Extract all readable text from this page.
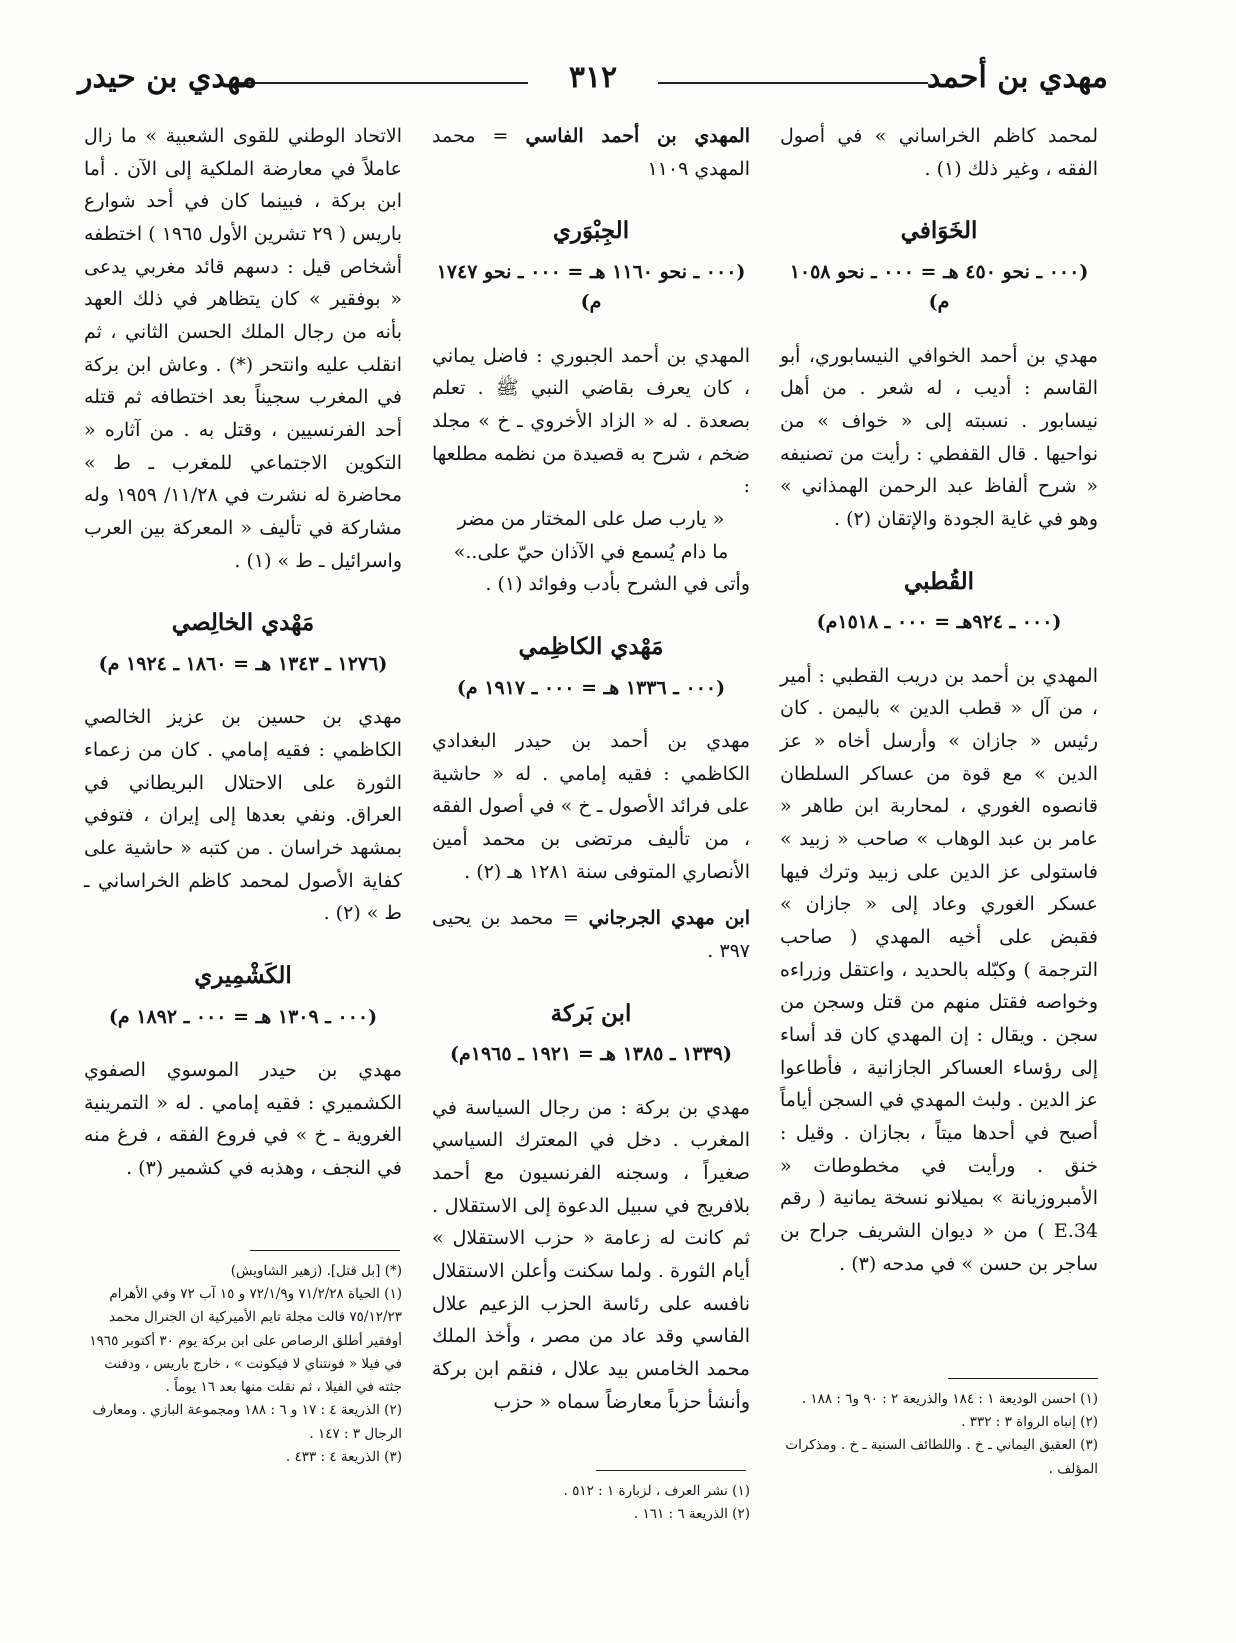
مهدي بن أحمد
٣١٢
مهدي بن حيدر

لمحمد كاظم الخراساني » في أصول الفقه ، وغير ذلك (١) .

الخَوَافي
(٠٠٠ ـ نحو ٤٥٠ هـ = ٠٠٠ ـ نحو ١٠٥٨ م)

مهدي بن أحمد الخوافي النيسابوري، أبو القاسم : أديب ، له شعر . من أهل نيسابور . نسبته إلى « خواف » من نواحيها . قال القفطي : رأيت من تصنيفه « شرح ألفاظ عبد الرحمن الهمذاني » وهو في غاية الجودة والإتقان (٢) .

القُطبي
(٠٠٠ ـ ٩٢٤هـ = ٠٠٠ ـ ١٥١٨م)

المهدي بن أحمد بن دريب القطبي : أمير ، من آل « قطب الدين » باليمن . كان رئيس « جازان » وأرسل أخاه « عز الدين » مع قوة من عساكر السلطان قانصوه الغوري ، لمحاربة ابن طاهر « عامر بن عبد الوهاب » صاحب « زبيد » فاستولى عز الدين على زبيد وترك فيها عسكر الغوري وعاد إلى « جازان » فقبض على أخيه المهدي ( صاحب الترجمة ) وكبّله بالحديد ، واعتقل وزراءه وخواصه فقتل منهم من قتل وسجن من سجن . ويقال : إن المهدي كان قد أساء إلى رؤساء العساكر الجازانية ، فأطاعوا عز الدين . ولبث المهدي في السجن أياماً أصبح في أحدها ميتاً ، بجازان . وقيل : خنق . ورأيت في مخطوطات « الأمبروزيانة » بميلانو نسخة يمانية ( رقم E.34 ) من « ديوان الشريف جراح بن ساجر بن حسن » في مدحه (٣) .

المهدي بن أحمد الفاسي = محمد المهدي ١١٠٩

الجِبْوَري
(٠٠٠ ـ نحو ١١٦٠ هـ = ٠٠٠ ـ نحو ١٧٤٧ م)

المهدي بن أحمد الجبوري : فاضل يماني ، كان يعرف بقاضي النبي ﷺ . تعلم بصعدة . له « الزاد الأخروي ـ خ » مجلد ضخم ، شرح به قصيدة من نظمه مطلعها :

« يارب صل على المختار من مضر

ما دام يُسمع في الآذان حيّ على..»

وأتى في الشرح بأدب وفوائد (١) .

مَهْدي الكاظِمي
(٠٠٠ ـ ١٣٣٦ هـ = ٠٠٠ ـ ١٩١٧ م)

مهدي بن أحمد بن حيدر البغدادي الكاظمي : فقيه إمامي . له « حاشية على فرائد الأصول ـ خ » في أصول الفقه ، من تأليف مرتضى بن محمد أمين الأنصاري المتوفى سنة ١٢٨١ هـ (٢) .

ابن مهدي الجرجاني = محمد بن يحيى ٣٩٧ .

ابن بَركة
(١٣٣٩ ـ ١٣٨٥ هـ = ١٩٢١ ـ ١٩٦٥م)

مهدي بن بركة : من رجال السياسة في المغرب . دخل في المعترك السياسي صغيراً ، وسجنه الفرنسيون مع أحمد بلافريج في سبيل الدعوة إلى الاستقلال . ثم كانت له زعامة « حزب الاستقلال » أيام الثورة . ولما سكنت وأعلن الاستقلال نافسه على رئاسة الحزب الزعيم علال الفاسي وقد عاد من مصر ، وأخذ الملك محمد الخامس بيد علال ، فنقم ابن بركة وأنشأ حزباً معارضاً سماه « حزب

الاتحاد الوطني للقوى الشعبية » ما زال عاملاً في معارضة الملكية إلى الآن . أما ابن بركة ، فبينما كان في أحد شوارع باريس ( ٢٩ تشرين الأول ١٩٦٥ ) اختطفه أشخاص قيل : دسهم قائد مغربي يدعى « بوفقير » كان يتظاهر في ذلك العهد بأنه من رجال الملك الحسن الثاني ، ثم انقلب عليه وانتحر (*) . وعاش ابن بركة في المغرب سجيناً بعد اختطافه ثم قتله أحد الفرنسيين ، وقتل به . من آثاره « التكوين الاجتماعي للمغرب ـ ط » محاضرة له نشرت في ١١/٢٨/ ١٩٥٩ وله مشاركة في تأليف « المعركة بين العرب واسرائيل ـ ط » (١) .

مَهْدي الخالِصي
(١٢٧٦ ـ ١٣٤٣ هـ = ١٨٦٠ ـ ١٩٢٤ م)

مهدي بن حسين بن عزيز الخالصي الكاظمي : فقيه إمامي . كان من زعماء الثورة على الاحتلال البريطاني في العراق. ونفي بعدها إلى إيران ، فتوفي بمشهد خراسان . من كتبه « حاشية على كفاية الأصول لمحمد كاظم الخراساني ـ ط » (٢) .

الكَشْمِيري
(٠٠٠ ـ ١٣٠٩ هـ = ٠٠٠ ـ ١٨٩٢ م)

مهدي بن حيدر الموسوي الصفوي الكشميري : فقيه إمامي . له « التمرينية الغروية ـ خ » في فروع الفقه ، فرغ منه في النجف ، وهذبه في كشمير (٣) .

(١) احسن الوديعة ١ : ١٨٤ والذريعة ٢ : ٩٠ و٦ : ١٨٨ .

(٢) إنباه الرواة ٣ : ٣٣٢ .

(٣) العقيق اليماني ـ خ . واللطائف السنية ـ خ . ومذكرات المؤلف .

(١) نشر العرف ، لزبارة ١ : ٥١٢ .

(٢) الذريعة ٦ : ١٦١ .

(*) [بل قتل]. (زهير الشاويش)

(١) الحياة ٧١/٢/٢٨ و٧٢/١/٩ و ١٥ آب ٧٢ وفي الأهرام ٧٥/١٢/٢٣ قالت مجلة تايم الأميركية ان الجنرال محمد أوفقير أطلق الرصاص على ابن بركة يوم ٣٠ أكتوبر ١٩٦٥ في فيلا « فونتناي لا فيكونت » ، خارج باريس ، ودفنت جثته في الفيلا ، ثم نقلت منها بعد ١٦ يوماً .

(٢) الذريعة ٤ : ١٧ و ٦ : ١٨٨ ومجموعة البازي . ومعارف الرجال ٣ : ١٤٧ .

(٣) الذريعة ٤ : ٤٣٣ .
